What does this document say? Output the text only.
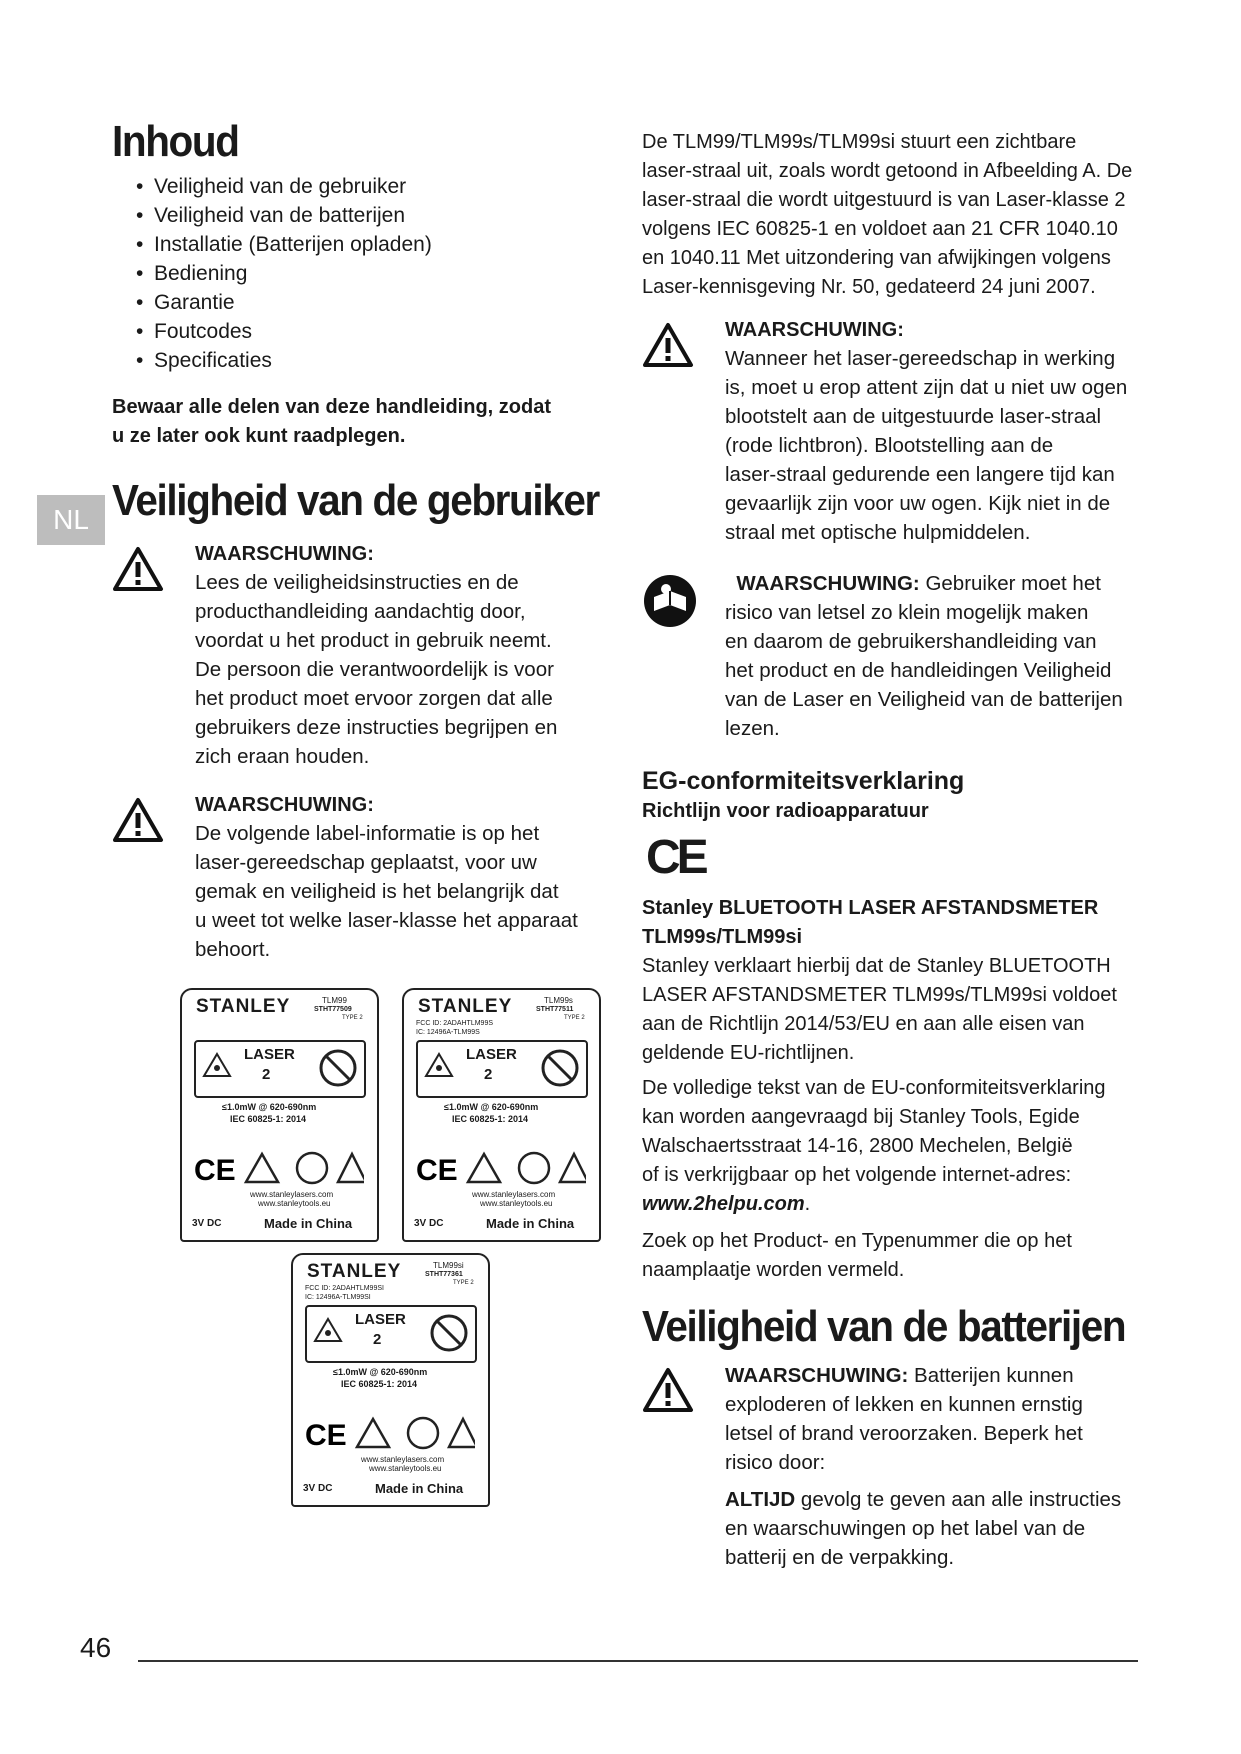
NL
Inhoud
• Veiligheid van de gebruiker
• Veiligheid van de batterijen
• Installatie (Batterijen opladen)
• Bediening
• Garantie
• Foutcodes
• Specificaties
Bewaar alle delen van deze handleiding, zodat
u ze later ook kunt raadplegen.
Veiligheid van de gebruiker
WAARSCHUWING:
Lees de veiligheidsinstructies en de
producthandleiding aandachtig door,
voordat u het product in gebruik neemt.
De persoon die verantwoordelijk is voor
het product moet ervoor zorgen dat alle
gebruikers deze instructies begrijpen en
zich eraan houden.
WAARSCHUWING:
De volgende label-informatie is op het
laser-gereedschap geplaatst, voor uw
gemak en veiligheid is het belangrijk dat
u weet tot welke laser-klasse het apparaat
behoort.
STANLEY	TLM99
STHT77509
TYPE 2
LASER
2
≤1.0mW @ 620-690nm
IEC 60825-1: 2014
CE
www.stanleylasers.com
www.stanleytools.eu
3V DC	Made in China
STANLEY	TLM99s
STHT77511
TYPE 2
FCC ID: 2ADAHTLM99S
IC: 12496A-TLM99S
LASER
2
≤1.0mW @ 620-690nm
IEC 60825-1: 2014
CE
www.stanleylasers.com
www.stanleytools.eu
3V DC	Made in China
STANLEY	TLM99si
STHT77361
TYPE 2
FCC ID: 2ADAHTLM99SI
IC: 12496A-TLM99SI
LASER
2
≤1.0mW @ 620-690nm
IEC 60825-1: 2014
CE
www.stanleylasers.com
www.stanleytools.eu
3V DC	Made in China
De TLM99/TLM99s/TLM99si stuurt een zichtbare
laser-straal uit, zoals wordt getoond in Afbeelding A. De
laser-straal die wordt uitgestuurd is van Laser-klasse 2
volgens IEC 60825-1 en voldoet aan 21 CFR 1040.10
en 1040.11 Met uitzondering van afwijkingen volgens
Laser-kennisgeving Nr. 50, gedateerd 24 juni 2007.
WAARSCHUWING:
Wanneer het laser-gereedschap in werking
is, moet u erop attent zijn dat u niet uw ogen
blootstelt aan de uitgestuurde laser-straal
(rode lichtbron). Blootstelling aan de
laser-straal gedurende een langere tijd kan
gevaarlijk zijn voor uw ogen. Kijk niet in de
straal met optische hulpmiddelen.
WAARSCHUWING: Gebruiker moet het
risico van letsel zo klein mogelijk maken
en daarom de gebruikershandleiding van
het product en de handleidingen Veiligheid
van de Laser en Veiligheid van de batterijen
lezen.
EG-conformiteitsverklaring
Richtlijn voor radioapparatuur
CE
Stanley BLUETOOTH LASER AFSTANDSMETER
TLM99s/TLM99si
Stanley verklaart hierbij dat de Stanley BLUETOOTH
LASER AFSTANDSMETER TLM99s/TLM99si voldoet
aan de Richtlijn 2014/53/EU en aan alle eisen van
geldende EU-richtlijnen.
De volledige tekst van de EU-conformiteitsverklaring
kan worden aangevraagd bij Stanley Tools, Egide
Walschaertsstraat 14-16, 2800 Mechelen, België
of is verkrijgbaar op het volgende internet-adres:
www.2helpu.com.
Zoek op het Product- en Typenummer die op het
naamplaatje worden vermeld.
Veiligheid van de batterijen
WAARSCHUWING: Batterijen kunnen
exploderen of lekken en kunnen ernstig
letsel of brand veroorzaken. Beperk het
risico door:
ALTIJD gevolg te geven aan alle instructies
en waarschuwingen op het label van de
batterij en de verpakking.
46
